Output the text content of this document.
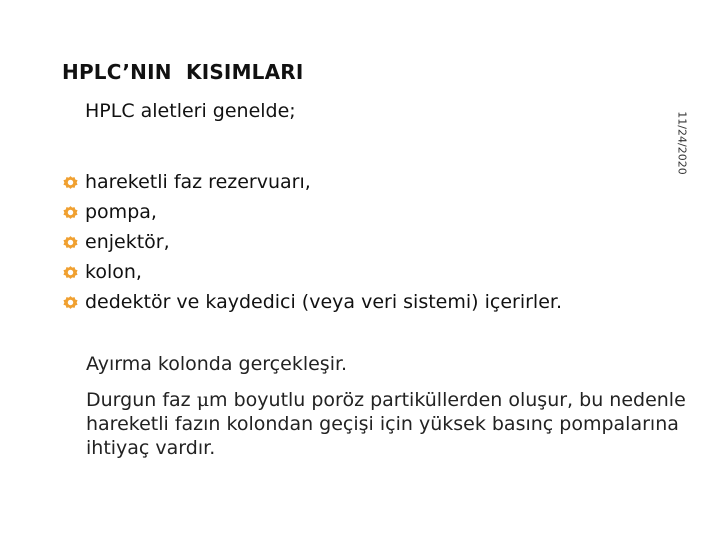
HPLC’NIN  KISIMLARI
HPLC aletleri genelde;
11/24/2020
hareketli faz rezervuarı,
pompa,
enjektör,
kolon,
dedektör ve kaydedici (veya veri sistemi) içerirler.
Ayırma kolonda gerçekleşir.
Durgun faz μm boyutlu poröz partiküllerden oluşur, bu nedenle hareketli fazın kolondan geçişi için yüksek basınç pompalarına ihtiyaç vardır.
